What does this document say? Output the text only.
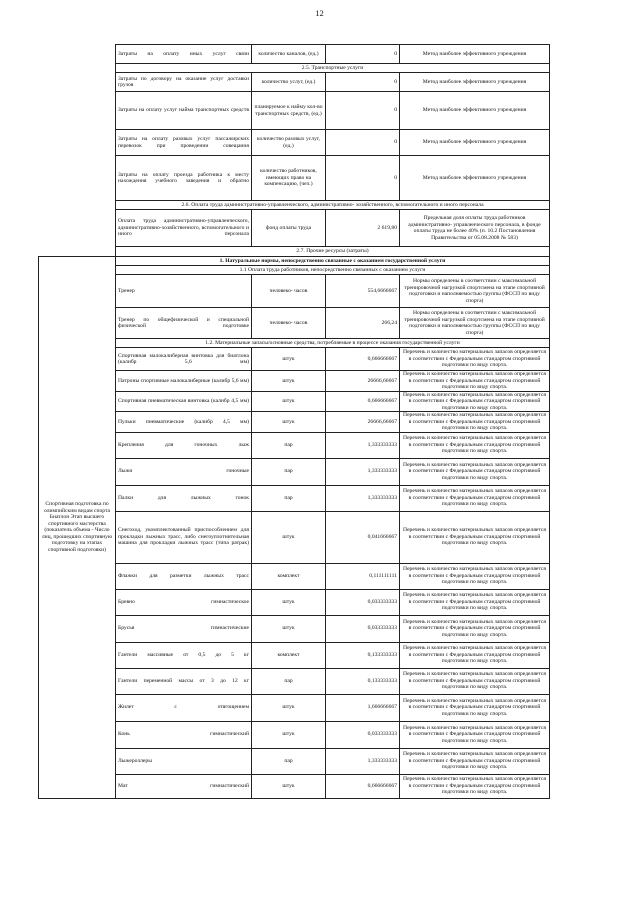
12
	Затраты на оплату иных услуг связи	количество каналов, (ед.)	0	Метод наиболее эффективного учреждения
	2.5. Транспортные услуги			
	Затраты по договору на оказание услуг доставки грузов	количество услуг, (ед.)	0	Метод наиболее эффективного учреждения
	Затраты на оплату услуг найма транспортных средств	планируемое к найму кол-во транспортных средств, (ед.)	0	Метод наиболее эффективного учреждения
	Затраты на оплату разовых услуг пассажирских перевозок при проведении совещания	количество разовых услуг, (ед.)	0	Метод наиболее эффективного учреждения
	Затраты на оплату проезда работника к месту нахождения учебного заведения и обратно	количество работников, имеющих право на компенсацию, (чел.)	0	Метод наиболее эффективного учреждения
	2.6. Оплата труда административно-управленческого, административно- хозяйственного, вспомогательного и иного персонала			
	Оплата труда административно-управленческого, административно-хозяйственного, вспомогательного и иного персонала	фонд оплаты труда	2 619,80	Предельная доля оплаты труда работников административно- управленческого персонала, в фонде оплаты труда не более 40% (п. 10.2 Постановления Правительства от 05.08.2008 № 583)
	2.7. Прочие ресурсы (затраты)			
Спортивная подготовка по олимпийским видам спорта Биатлон Этап высшего спортивного мастерства (показатель объема - Число лиц, прошедших спортивную подготовку на этапах спортивной подготовки)	1. Натуральные нормы, непосредственно связанные с оказанием государственной услуги			
	1.1 Оплата труда работников, непосредственно связанных с оказанием услуги			
	Тренер	человеко- часов	554,6666667	Нормы определены в соответствии с максимальной тренировочной нагрузкой спортсмена на этапе спортивной подготовки и наполняемостью группы (ФССП по виду спорта)
	Тренер по общефизической и специальной физической подготовке	человеко- часов	266,24	Нормы определены в соответствии с максимальной тренировочной нагрузкой спортсмена на этапе спортивной подготовки и наполняемостью группы (ФССП по виду спорта)
	1.2. Материальные запасы/основные средства, потребляемые в процессе оказания государственной услуги			
	Спортивная малокалиберная винтовка для биатлона (калибр 5,6 мм)	штук	0,666666667	Перечень и количество материальных запасов определяется в соответствии с Федеральным стандартом спортивной подготовки по виду спорта.
	Патроны спортивные малокалиберные (калибр 5,6 мм)	штук	26666,66667	Перечень и количество материальных запасов определяется в соответствии с Федеральным стандартом спортивной подготовки по виду спорта.
	Спортивная пневматическая винтовка (калибр 4,5 мм)	штук	0,666666667	Перечень и количество материальных запасов определяется в соответствии с Федеральным стандартом спортивной подготовки по виду спорта.
	Пульки пневматические (калибр 4,5 мм)	штук	26666,66667	Перечень и количество материальных запасов определяется в соответствии с Федеральным стандартом спортивной подготовки по виду спорта.
	Крепления для гоночных лыж	пар	1,333333333	Перечень и количество материальных запасов определяется в соответствии с Федеральным стандартом спортивной подготовки по виду спорта.
	Лыжи гоночные	пар	1,333333333	Перечень и количество материальных запасов определяется в соответствии с Федеральным стандартом спортивной подготовки по виду спорта.
	Палки для лыжных гонок	пар	1,333333333	Перечень и количество материальных запасов определяется в соответствии с Федеральным стандартом спортивной подготовки по виду спорта.
	Снегоход, укомплектованный приспособлением для прокладки лыжных трасс, либо снегоуплотнительная машина для прокладки лыжных трасс (типа ратрак)	штук	0,041666667	Перечень и количество материальных запасов определяется в соответствии с Федеральным стандартом спортивной подготовки по виду спорта.
	Флажки для разметки лыжных трасс	комплект	0,111111111	Перечень и количество материальных запасов определяется в соответствии с Федеральным стандартом спортивной подготовки по виду спорта.
	Бревно гимнастическое	штук	0,033333333	Перечень и количество материальных запасов определяется в соответствии с Федеральным стандартом спортивной подготовки по виду спорта.
	Брусья гимнастические	штук	0,033333333	Перечень и количество материальных запасов определяется в соответствии с Федеральным стандартом спортивной подготовки по виду спорта.
	Гантели массивные от 0,5 до 5 кг	комплект	0,133333333	Перечень и количество материальных запасов определяется в соответствии с Федеральным стандартом спортивной подготовки по виду спорта.
	Гантели переменной массы от 3 до 12 кг	пар	0,133333333	Перечень и количество материальных запасов определяется в соответствии с Федеральным стандартом спортивной подготовки по виду спорта.
	Жилет с отягощением	штук	1,666666667	Перечень и количество материальных запасов определяется в соответствии с Федеральным стандартом спортивной подготовки по виду спорта.
	Конь гимнастический	штук	0,033333333	Перечень и количество материальных запасов определяется в соответствии с Федеральным стандартом спортивной подготовки по виду спорта.
	Лыжероллеры	пар	1,333333333	Перечень и количество материальных запасов определяется в соответствии с Федеральным стандартом спортивной подготовки по виду спорта.
	Мат гимнастический	штук	0,666666667	Перечень и количество материальных запасов определяется в соответствии с Федеральным стандартом спортивной подготовки по виду спорта.
